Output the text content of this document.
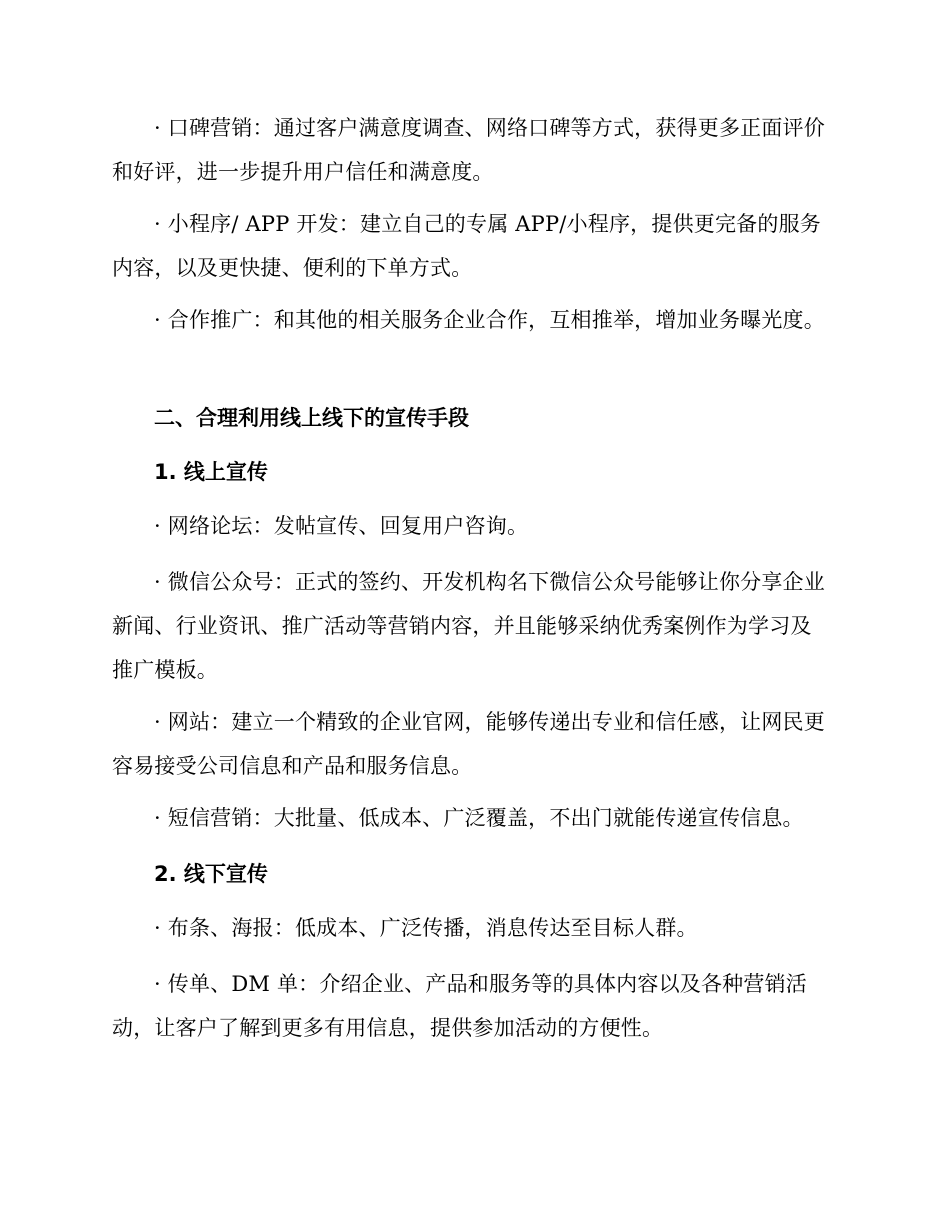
· 口碑营销：通过客户满意度调查、网络口碑等方式，获得更多正面评价和好评，进一步提升用户信任和满意度。

· 小程序/ APP 开发：建立自己的专属 APP/小程序，提供更完备的服务内容，以及更快捷、便利的下单方式。

· 合作推广：和其他的相关服务企业合作，互相推举，增加业务曝光度。

二、合理利用线上线下的宣传手段
1. 线上宣传

· 网络论坛：发帖宣传、回复用户咨询。

· 微信公众号：正式的签约、开发机构名下微信公众号能够让你分享企业新闻、行业资讯、推广活动等营销内容，并且能够采纳优秀案例作为学习及推广模板。

· 网站：建立一个精致的企业官网，能够传递出专业和信任感，让网民更容易接受公司信息和产品和服务信息。

· 短信营销：大批量、低成本、广泛覆盖，不出门就能传递宣传信息。

2. 线下宣传

· 布条、海报：低成本、广泛传播，消息传达至目标人群。

· 传单、DM 单：介绍企业、产品和服务等的具体内容以及各种营销活动，让客户了解到更多有用信息，提供参加活动的方便性。
